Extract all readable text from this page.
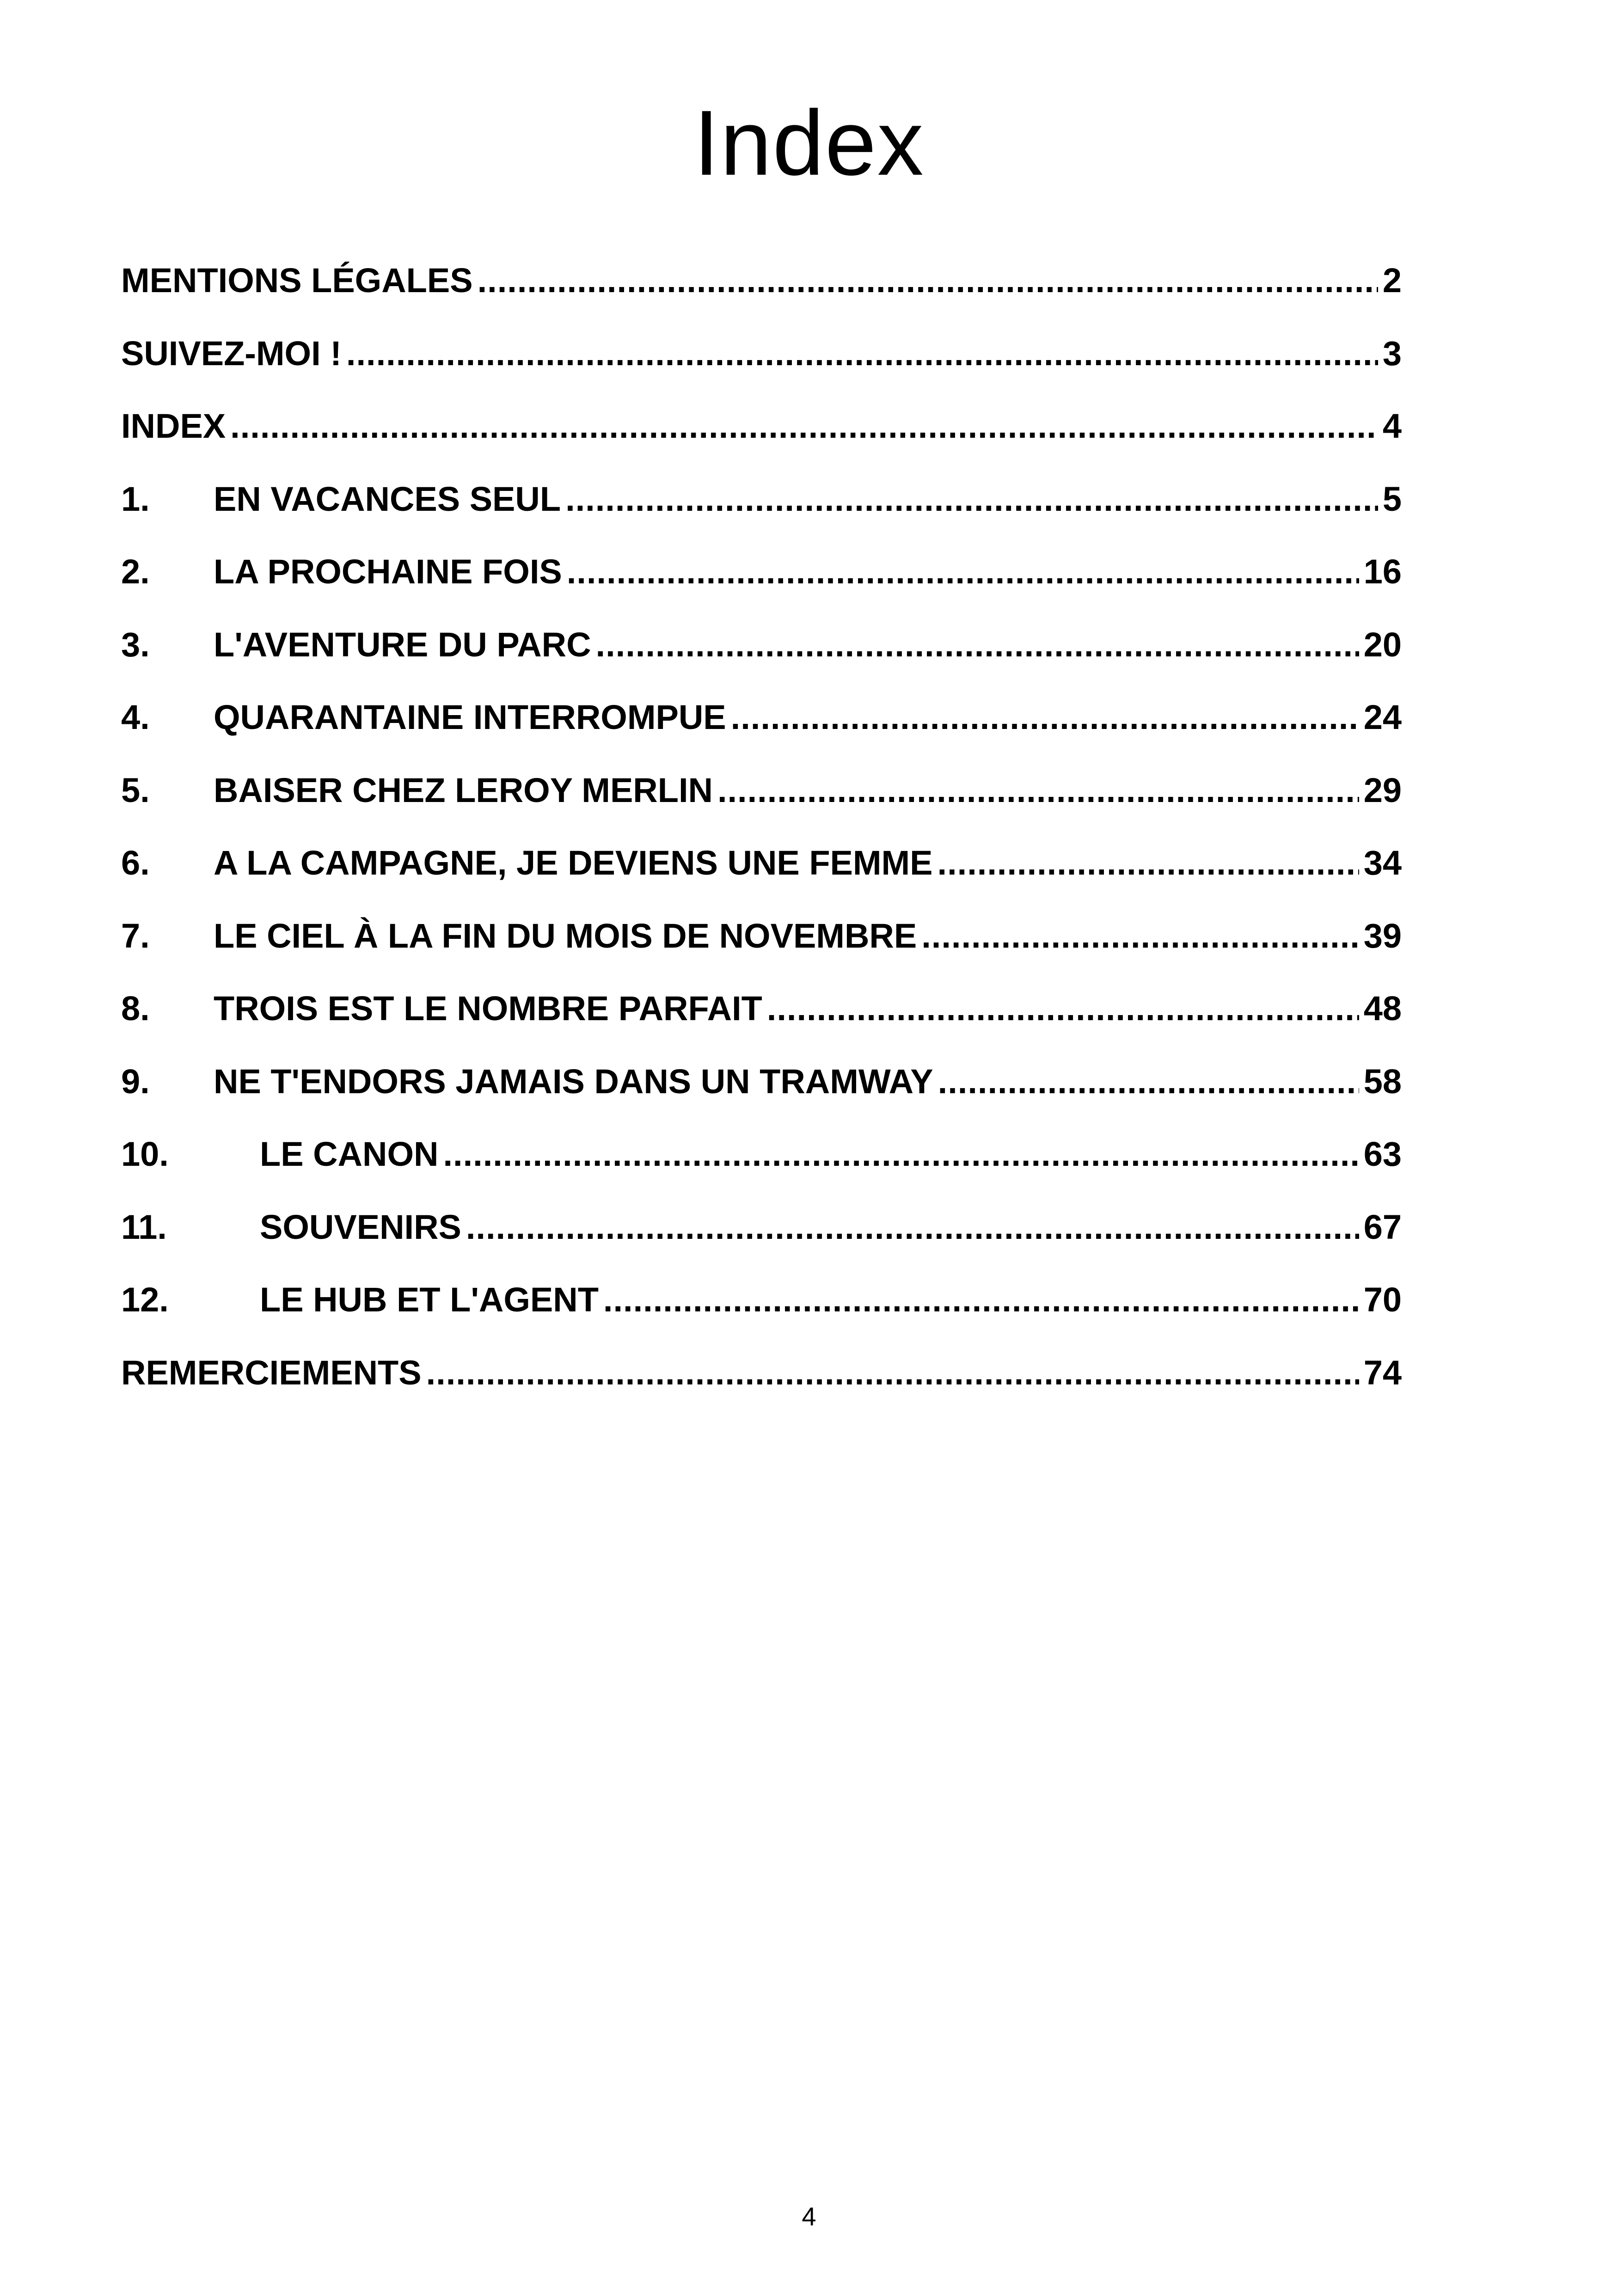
Index
MENTIONS LÉGALES .....	2
SUIVEZ-MOI ! .....	3
INDEX .....	4
1.	EN VACANCES SEUL .....	5
2.	LA PROCHAINE FOIS .....	16
3.	L'AVENTURE DU PARC .....	20
4.	QUARANTAINE INTERROMPUE .....	24
5.	BAISER CHEZ LEROY MERLIN .....	29
6.	A LA CAMPAGNE, JE DEVIENS UNE FEMME .....	34
7.	LE CIEL À LA FIN DU MOIS DE NOVEMBRE .....	39
8.	TROIS EST LE NOMBRE PARFAIT .....	48
9.	NE T'ENDORS JAMAIS DANS UN TRAMWAY .....	58
10.	LE CANON .....	63
11.	SOUVENIRS .....	67
12.	LE HUB ET L'AGENT .....	70
REMERCIEMENTS .....	74
4
